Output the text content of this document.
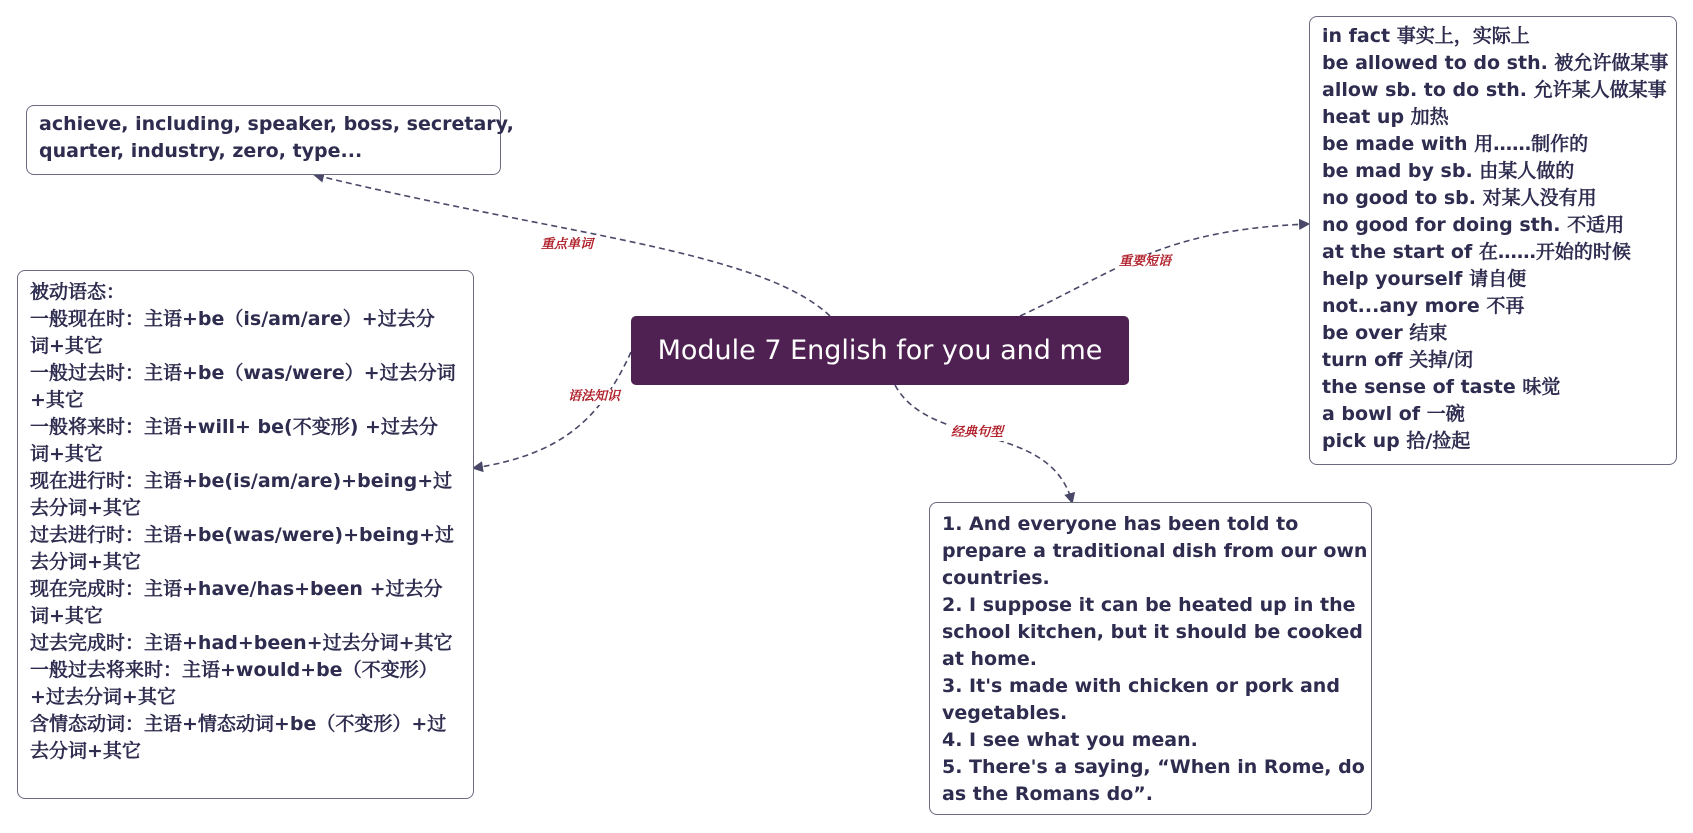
重点单词
重要短语
语法知识
经典句型
Module 7 English for you and me
achieve, including, speaker, boss, secretary,
quarter, industry, zero, type...
in fact 事实上，实际上
be allowed to do sth. 被允许做某事
allow sb. to do sth. 允许某人做某事
heat up 加热
be made with 用……制作的
be mad by sb. 由某人做的
no good to sb. 对某人没有用
no good for doing sth. 不适用
at the start of 在……开始的时候
help yourself 请自便
not...any more 不再
be over 结束
turn off 关掉/闭
the sense of taste 味觉
a bowl of 一碗
pick up 拾/捡起
被动语态：
一般现在时：主语+be（is/am/are）+过去分
词+其它
一般过去时：主语+be（was/were）+过去分词
+其它
一般将来时：主语+will+ be(不变形) +过去分
词+其它
现在进行时：主语+be(is/am/are)+being+过
去分词+其它
过去进行时：主语+be(was/were)+being+过
去分词+其它
现在完成时：主语+have/has+been +过去分
词+其它
过去完成时：主语+had+been+过去分词+其它
一般过去将来时：主语+would+be（不变形）
+过去分词+其它
含情态动词：主语+情态动词+be（不变形）+过
去分词+其它
1. And everyone has been told to
prepare a traditional dish from our own
countries.
2. I suppose it can be heated up in the
school kitchen, but it should be cooked
at home.
3. It's made with chicken or pork and
vegetables.
4. I see what you mean.
5. There's a saying, “When in Rome, do
as the Romans do”.
